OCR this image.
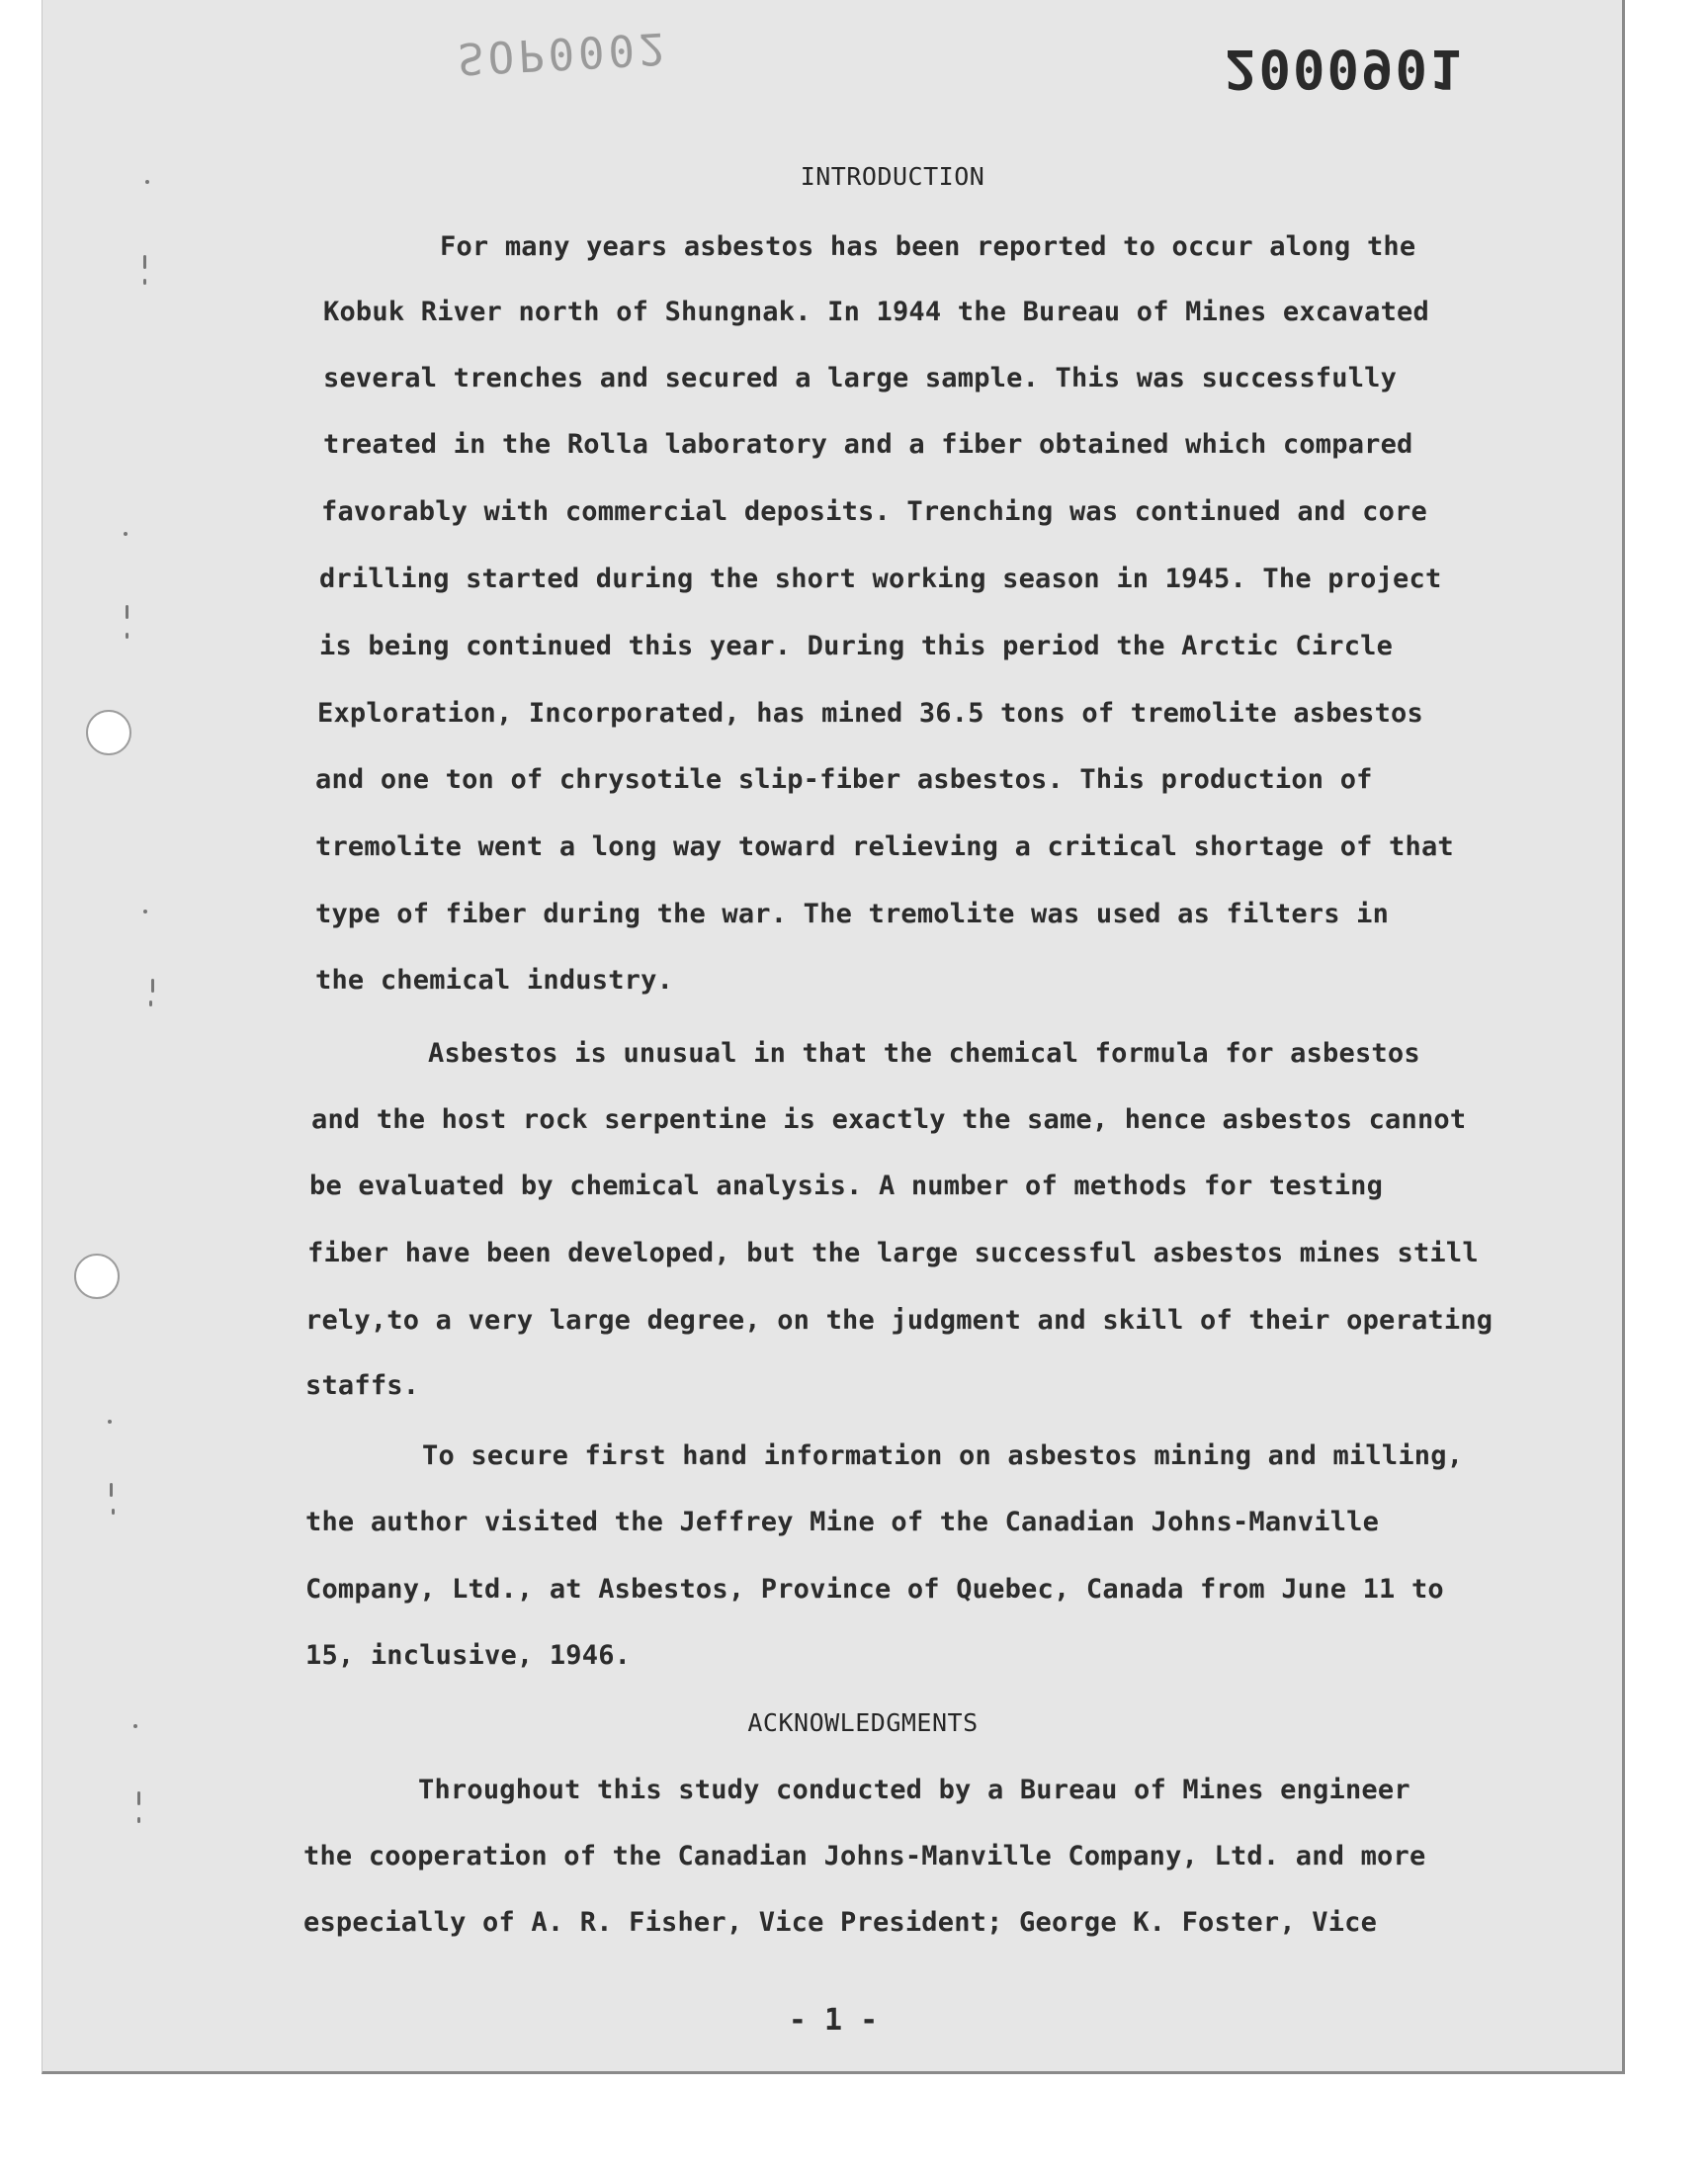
SOP0002	2000901
INTRODUCTION
For many years asbestos has been reported to occur along the
Kobuk River north of Shungnak. In 1944 the Bureau of Mines excavated
several trenches and secured a large sample. This was successfully
treated in the Rolla laboratory and a fiber obtained which compared
favorably with commercial deposits. Trenching was continued and core
drilling started during the short working season in 1945. The project
is being continued this year. During this period the Arctic Circle
Exploration, Incorporated, has mined 36.5 tons of tremolite asbestos
and one ton of chrysotile slip-fiber asbestos. This production of
tremolite went a long way toward relieving a critical shortage of that
type of fiber during the war. The tremolite was used as filters in
the chemical industry.
Asbestos is unusual in that the chemical formula for asbestos
and the host rock serpentine is exactly the same, hence asbestos cannot
be evaluated by chemical analysis. A number of methods for testing
fiber have been developed, but the large successful asbestos mines still
rely,to a very large degree, on the judgment and skill of their operating
staffs.
To secure first hand information on asbestos mining and milling,
the author visited the Jeffrey Mine of the Canadian Johns-Manville
Company, Ltd., at Asbestos, Province of Quebec, Canada from June 11 to
15, inclusive, 1946.
ACKNOWLEDGMENTS
Throughout this study conducted by a Bureau of Mines engineer
the cooperation of the Canadian Johns-Manville Company, Ltd. and more
especially of A. R. Fisher, Vice President; George K. Foster, Vice
- 1 -
